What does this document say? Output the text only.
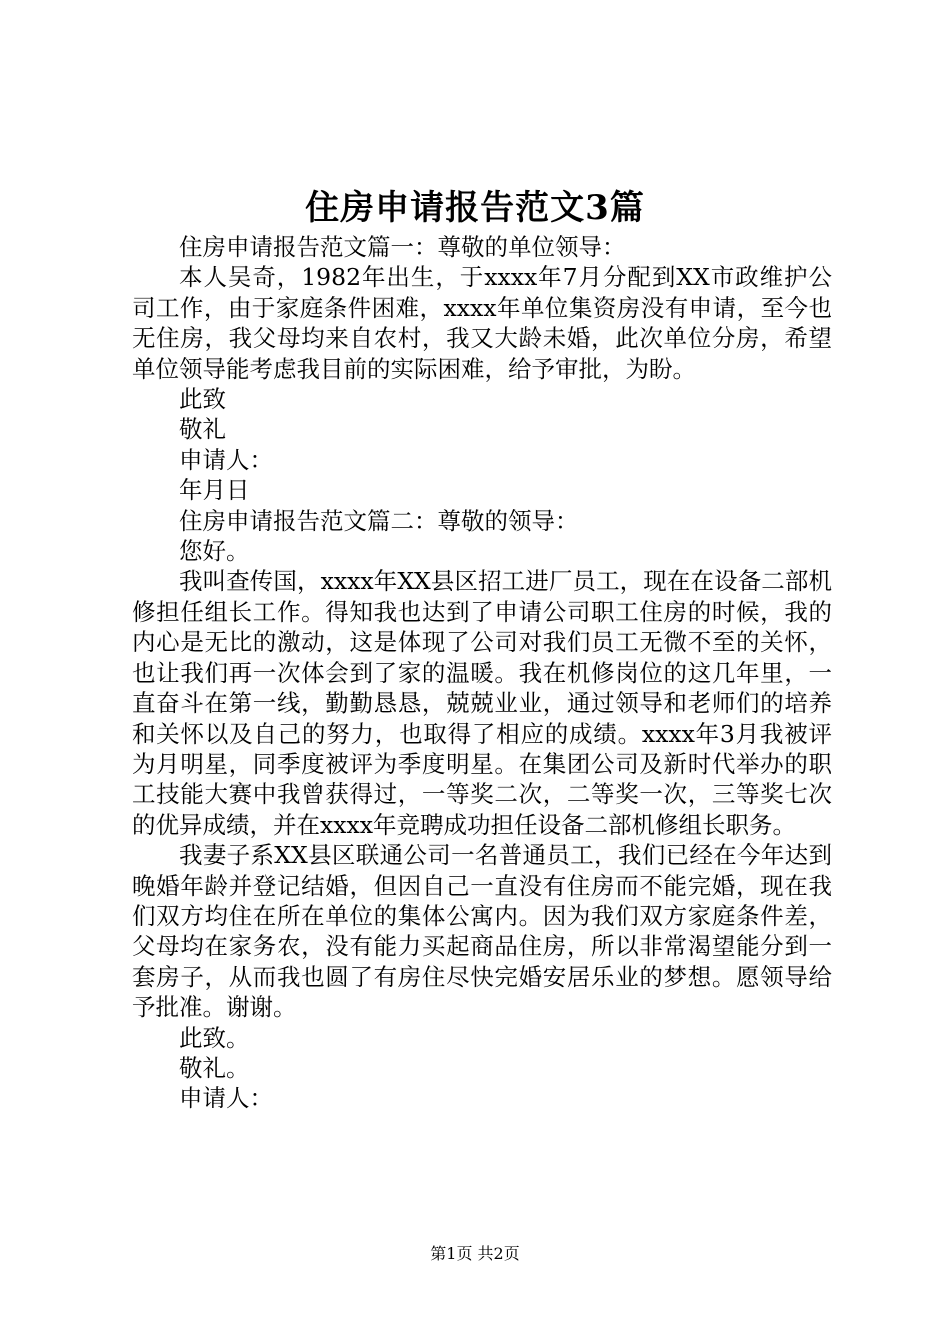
住房申请报告范文3篇

住房申请报告范文篇一：尊敬的单位领导：

本人吴奇，1982年出生，于xxxx年7月分配到XX市政维护公司工作，由于家庭条件困难，xxxx年单位集资房没有申请，至今也无住房，我父母均来自农村，我又大龄未婚，此次单位分房，希望单位领导能考虑我目前的实际困难，给予审批，为盼。

此致

敬礼

申请人：

年月日

住房申请报告范文篇二：尊敬的领导：

您好。

我叫查传国，xxxx年XX县区招工进厂员工，现在在设备二部机修担任组长工作。得知我也达到了申请公司职工住房的时候，我的内心是无比的激动，这是体现了公司对我们员工无微不至的关怀，也让我们再一次体会到了家的温暖。我在机修岗位的这几年里，一直奋斗在第一线，勤勤恳恳，兢兢业业，通过领导和老师们的培养和关怀以及自己的努力，也取得了相应的成绩。xxxx年3月我被评为月明星，同季度被评为季度明星。在集团公司及新时代举办的职工技能大赛中我曾获得过，一等奖二次，二等奖一次，三等奖七次的优异成绩，并在xxxx年竞聘成功担任设备二部机修组长职务。

我妻子系XX县区联通公司一名普通员工，我们已经在今年达到晚婚年龄并登记结婚，但因自己一直没有住房而不能完婚，现在我们双方均住在所在单位的集体公寓内。因为我们双方家庭条件差，父母均在家务农，没有能力买起商品住房，所以非常渴望能分到一套房子，从而我也圆了有房住尽快完婚安居乐业的梦想。愿领导给予批准。谢谢。

此致。

敬礼。

申请人：

第1页 共2页
